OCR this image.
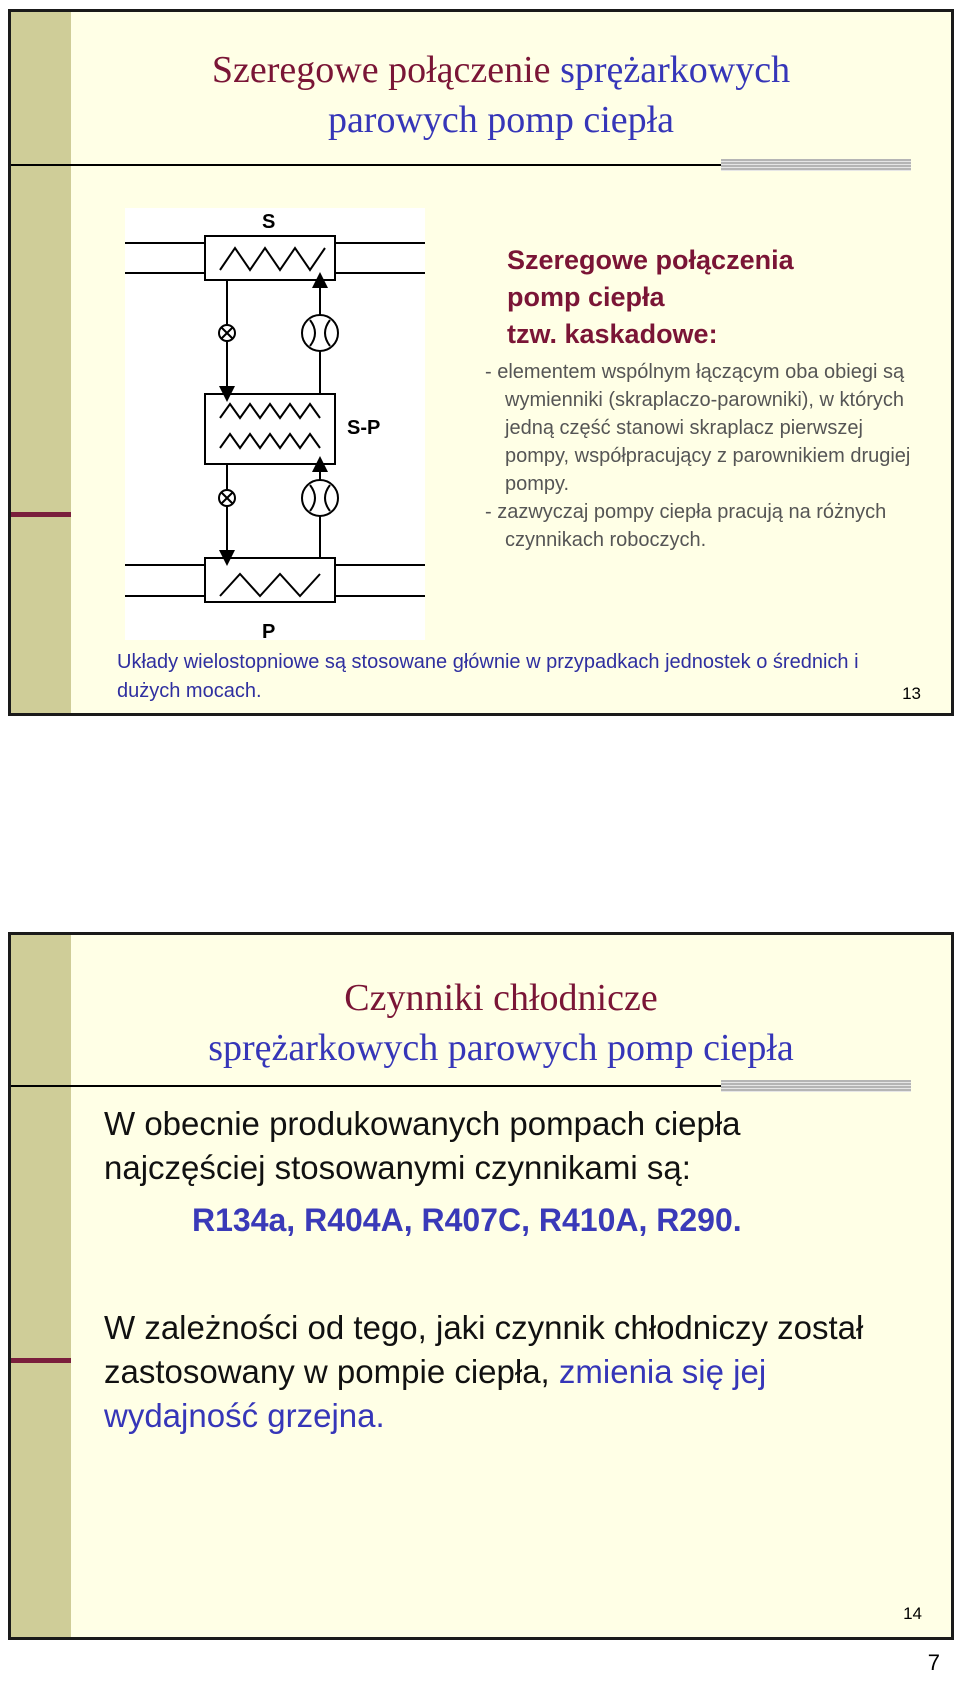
Szeregowe połączenie sprężarkowych
parowych pomp ciepła
S
S-P
P
Szeregowe połączenia
pomp ciepła
tzw. kaskadowe:

- elementem wspólnym łączącym oba obiegi są wymienniki (skraplaczo-parowniki), w których jedną część stanowi skraplacz pierwszej pompy, współpracujący z parownikiem drugiej pompy.

- zazwyczaj pompy ciepła pracują na różnych czynnikach roboczych.

Układy wielostopniowe są stosowane głównie w przypadkach jednostek o średnich i dużych mocach.	13
Czynniki chłodnicze
sprężarkowych parowych pomp ciepła
W obecnie produkowanych pompach ciepła najczęściej stosowanymi czynnikami są:
R134a, R404A, R407C, R410A, R290.
W zależności od tego, jaki czynnik chłodniczy został zastosowany w pompie ciepła, zmienia się jej wydajność grzejna.
14
7
